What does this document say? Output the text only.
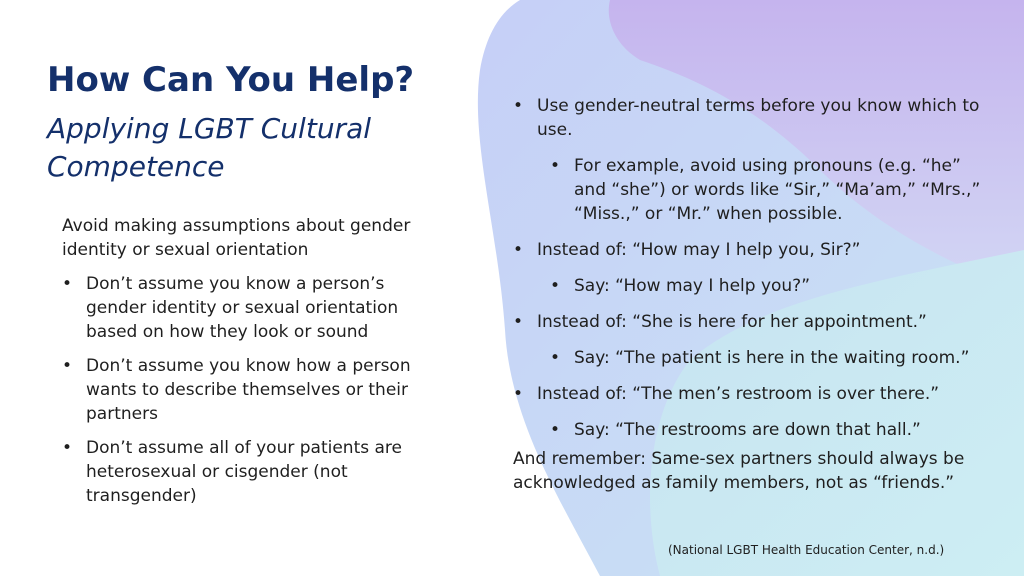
How Can You Help?
Applying LGBT Cultural Competence

Avoid making assumptions about gender identity or sexual orientation

• Don’t assume you know a person’s gender identity or sexual orientation based on how they look or sound
• Don’t assume you know how a person wants to describe themselves or their partners
• Don’t assume all of your patients are heterosexual or cisgender (not transgender)
• Use gender-neutral terms before you know which to use.
• For example, avoid using pronouns (e.g. “he” and “she”) or words like “Sir,” “Ma’am,” “Mrs.,” “Miss.,” or “Mr.” when possible.
• Instead of: “How may I help you, Sir?”
• Say: “How may I help you?”
• Instead of: “She is here for her appointment.”
• Say: “The patient is here in the waiting room.”
• Instead of: “The men’s restroom is over there.”
• Say: “The restrooms are down that hall.”

And remember: Same-sex partners should always be acknowledged as family members, not as “friends.”

(National LGBT Health Education Center, n.d.)
